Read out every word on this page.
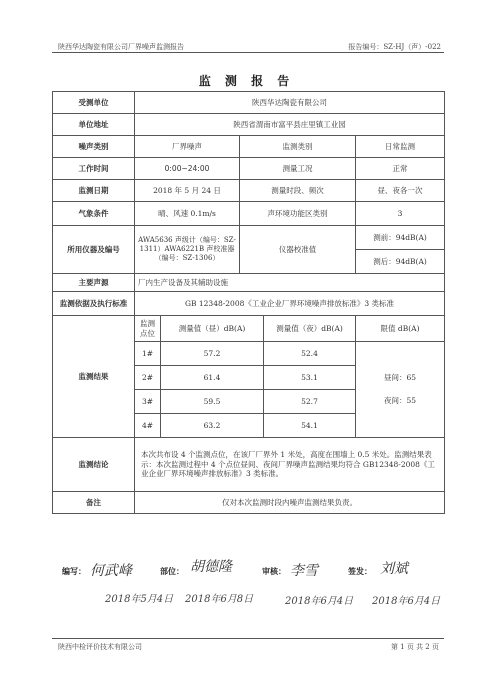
陕西华达陶瓷有限公司厂界噪声监测报告	报告编号：SZ-HJ（声）-022
监 测 报 告
受测单位	陕西华达陶瓷有限公司				
单位地址	陕西省渭南市富平县庄里镇工业园				
噪声类别	厂界噪声		监测类别		日常监测
工作时间	0:00~24:00		测量工况		正常
监测日期	2018 年 5 月 24 日		测量时段、频次		昼、夜各一次
气象条件	晴、风速 0.1m/s		声环境功能区类别		3
所用仪器及编号	AWA5636 声级计（编号：SZ-1311）AWA6221B 声校准器（编号：SZ-1306）		仪器校准值		测前：94dB(A)
					测后：94dB(A)
主要声源	厂内生产设备及其辅助设施				
监测依据及执行标准	GB 12348-2008《工业企业厂界环境噪声排放标准》3 类标准				
监测结果	监测点位	测量值（昼）dB(A)		测量值（夜）dB(A)	限值 dB(A)
	1#	57.2		52.4	昼间：65
夜间：55

	2#	61.4		53.1	
	3#	59.5		52.7	
	4#	63.2		54.1	
监测结论	本次共布设 4 个监测点位，在该厂厂界外 1 米处，高度在围墙上 0.5 米处。监测结果表示：本次监测过程中 4 个点位昼间、夜间厂界噪声监测结果均符合 GB12348-2008《工业企业厂界环境噪声排放标准》3 类标准。				
备注	仅对本次监测时段内噪声监测结果负责。				
编写： 何武峰	部位： 胡德隆	审核： 李雪	签发： 刘斌
2018年5月4日 2018年6月8日	2018年6月4日 2018年6月4日
陕西中检评价技术有限公司	第 1 页 共 2 页
